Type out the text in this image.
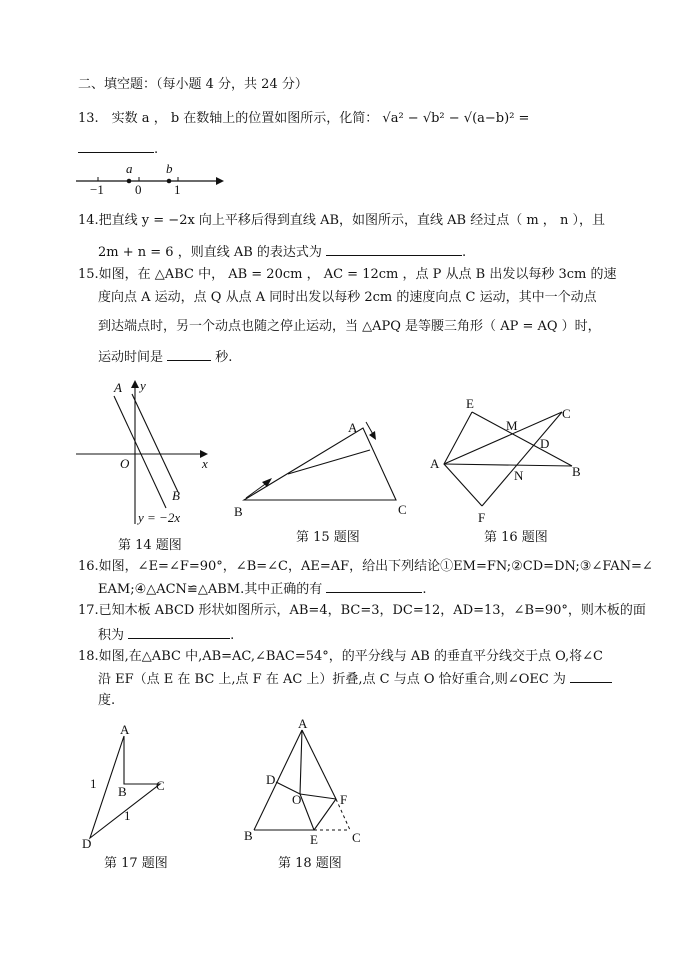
二、填空题：（每小题 4 分，共 24 分）
13.　实数 a ， b 在数轴上的位置如图所示，化简： √a² − √b² − √(a−b)² =
.
a	b
−1 0	1
14.把直线 y = −2x 向上平移后得到直线 AB，如图所示，直线 AB 经过点（ m ， n ），且
2m + n = 6 ，则直线 AB 的表达式为	.
15.如图，在 △ABC 中， AB = 20cm ， AC = 12cm ，点 P 从点 B 出发以每秒 3cm 的速
度向点 A 运动，点 Q 从点 A 同时出发以每秒 2cm 的速度向点 C 运动，其中一个动点
到达端点时，另一个动点也随之停止运动，当 △APQ 是等腰三角形（ AP = AQ ）时，
运动时间是	秒.
A y
x
O
B
y = −2x
第 14 题图
A
B	C
第 15 题图
E
M
C
D
A
N	B
F
第 16 题图
16.如图，∠E=∠F=90°，∠B=∠C，AE=AF，给出下列结论①EM=FN;②CD=DN;③∠FAN=∠
EAM;④△ACN≌△ABM.其中正确的有	.
17.已知木板 ABCD 形状如图所示，AB=4，BC=3，DC=12，AD=13，∠B=90°，则木板的面
积为	.
18.如图,在△ABC 中,AB=AC,∠BAC=54°，的平分线与 AB 的垂直平分线交于点 O,将∠C
沿 EF（点 E 在 BC 上,点 F 在 AC 上）折叠,点 C 与点 O 恰好重合,则∠OEC 为
度.
A
B C
D
1
1
第 17 题图
A
D
O	F
B	E	C
第 18 题图
